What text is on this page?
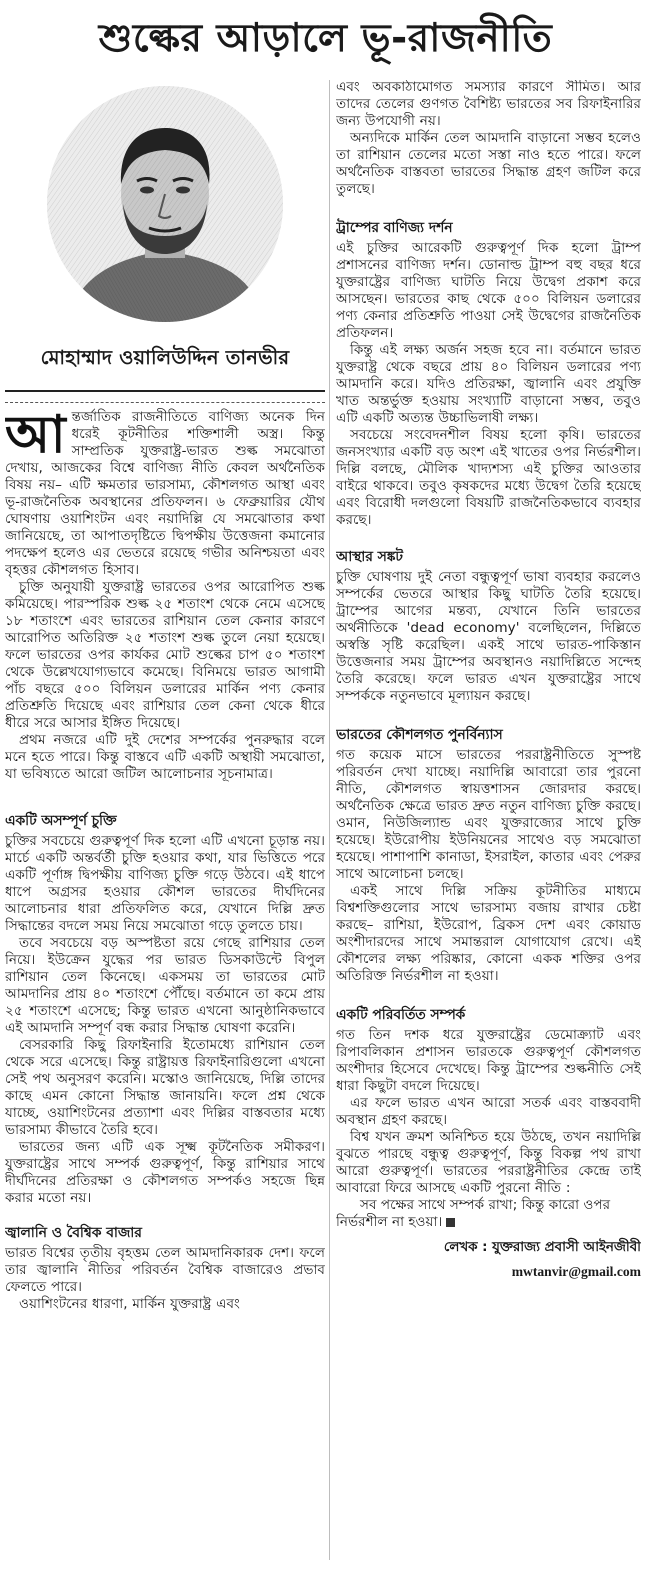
শুল্কের আড়ালে ভূ-রাজনীতি
মোহাম্মাদ ওয়ালিউদ্দিন তানভীর

আন্তর্জাতিক রাজনীতিতে বাণিজ্য অনেক দিন ধরেই কূটনীতির শক্তিশালী অস্ত্র। কিন্তু সাম্প্রতিক যুক্তরাষ্ট্র-ভারত শুল্ক সমঝোতা দেখায়, আজকের বিশ্বে বাণিজ্য নীতি কেবল অর্থনৈতিক বিষয় নয়– এটি ক্ষমতার ভারসাম্য, কৌশলগত আস্থা এবং ভূ-রাজনৈতিক অবস্থানের প্রতিফলন। ৬ ফেব্রুয়ারির যৌথ ঘোষণায় ওয়াশিংটন এবং নয়াদিল্লি যে সমঝোতার কথা জানিয়েছে, তা আপাতদৃষ্টিতে দ্বিপক্ষীয় উত্তেজনা কমানোর পদক্ষেপ হলেও এর ভেতরে রয়েছে গভীর অনিশ্চয়তা এবং বৃহত্তর কৌশলগত হিসাব।

চুক্তি অনুযায়ী যুক্তরাষ্ট্র ভারতের ওপর আরোপিত শুল্ক কমিয়েছে। পারস্পরিক শুল্ক ২৫ শতাংশ থেকে নেমে এসেছে ১৮ শতাংশে এবং ভারতের রাশিয়ান তেল কেনার কারণে আরোপিত অতিরিক্ত ২৫ শতাংশ শুল্ক তুলে নেয়া হয়েছে। ফলে ভারতের ওপর কার্যকর মোট শুল্কের চাপ ৫০ শতাংশ থেকে উল্লেখযোগ্যভাবে কমেছে। বিনিময়ে ভারত আগামী পাঁচ বছরে ৫০০ বিলিয়ন ডলারের মার্কিন পণ্য কেনার প্রতিশ্রুতি দিয়েছে এবং রাশিয়ার তেল কেনা থেকে ধীরে ধীরে সরে আসার ইঙ্গিত দিয়েছে।

প্রথম নজরে এটি দুই দেশের সম্পর্কের পুনরুদ্ধার বলে মনে হতে পারে। কিন্তু বাস্তবে এটি একটি অস্থায়ী সমঝোতা, যা ভবিষ্যতে আরো জটিল আলোচনার সূচনামাত্র।

একটি অসম্পূর্ণ চুক্তি

চুক্তির সবচেয়ে গুরুত্বপূর্ণ দিক হলো এটি এখনো চূড়ান্ত নয়। মার্চে একটি অন্তর্বর্তী চুক্তি হওয়ার কথা, যার ভিত্তিতে পরে একটি পূর্ণাঙ্গ দ্বিপক্ষীয় বাণিজ্য চুক্তি গড়ে উঠবে। এই ধাপে ধাপে অগ্রসর হওয়ার কৌশল ভারতের দীর্ঘদিনের আলোচনার ধারা প্রতিফলিত করে, যেখানে দিল্লি দ্রুত সিদ্ধান্তের বদলে সময় নিয়ে সমঝোতা গড়ে তুলতে চায়।

তবে সবচেয়ে বড় অস্পষ্টতা রয়ে গেছে রাশিয়ার তেল নিয়ে। ইউক্রেন যুদ্ধের পর ভারত ডিসকাউন্টে বিপুল রাশিয়ান তেল কিনেছে। একসময় তা ভারতের মোট আমদানির প্রায় ৪০ শতাংশে পৌঁছে। বর্তমানে তা কমে প্রায় ২৫ শতাংশে এসেছে; কিন্তু ভারত এখনো আনুষ্ঠানিকভাবে এই আমদানি সম্পূর্ণ বন্ধ করার সিদ্ধান্ত ঘোষণা করেনি।

বেসরকারি কিছু রিফাইনারি ইতোমধ্যে রাশিয়ান তেল থেকে সরে এসেছে। কিন্তু রাষ্ট্রায়ত্ত রিফাইনারিগুলো এখনো সেই পথ অনুসরণ করেনি। মস্কোও জানিয়েছে, দিল্লি তাদের কাছে এমন কোনো সিদ্ধান্ত জানায়নি। ফলে প্রশ্ন থেকে যাচ্ছে, ওয়াশিংটনের প্রত্যাশা এবং দিল্লির বাস্তবতার মধ্যে ভারসাম্য কীভাবে তৈরি হবে।

ভারতের জন্য এটি এক সূক্ষ্ম কূটনৈতিক সমীকরণ। যুক্তরাষ্ট্রের সাথে সম্পর্ক গুরুত্বপূর্ণ, কিন্তু রাশিয়ার সাথে দীর্ঘদিনের প্রতিরক্ষা ও কৌশলগত সম্পর্কও সহজে ছিন্ন করার মতো নয়।

জ্বালানি ও বৈশ্বিক বাজার

ভারত বিশ্বের তৃতীয় বৃহত্তম তেল আমদানিকারক দেশ। ফলে তার জ্বালানি নীতির পরিবর্তন বৈশ্বিক বাজারেও প্রভাব ফেলতে পারে।

ওয়াশিংটনের ধারণা, মার্কিন যুক্তরাষ্ট্র এবং

এবং অবকাঠামোগত সমস্যার কারণে সীমিত। আর তাদের তেলের গুণগত বৈশিষ্ট্য ভারতের সব রিফাইনারির জন্য উপযোগী নয়।

অন্যদিকে মার্কিন তেল আমদানি বাড়ানো সম্ভব হলেও তা রাশিয়ান তেলের মতো সস্তা নাও হতে পারে। ফলে অর্থনৈতিক বাস্তবতা ভারতের সিদ্ধান্ত গ্রহণ জটিল করে তুলছে।

ট্রাম্পের বাণিজ্য দর্শন

এই চুক্তির আরেকটি গুরুত্বপূর্ণ দিক হলো ট্রাম্প প্রশাসনের বাণিজ্য দর্শন। ডোনাল্ড ট্রাম্প বহু বছর ধরে যুক্তরাষ্ট্রের বাণিজ্য ঘাটতি নিয়ে উদ্বেগ প্রকাশ করে আসছেন। ভারতের কাছ থেকে ৫০০ বিলিয়ন ডলারের পণ্য কেনার প্রতিশ্রুতি পাওয়া সেই উদ্বেগের রাজনৈতিক প্রতিফলন।

কিন্তু এই লক্ষ্য অর্জন সহজ হবে না। বর্তমানে ভারত যুক্তরাষ্ট্র থেকে বছরে প্রায় ৪০ বিলিয়ন ডলারের পণ্য আমদানি করে। যদিও প্রতিরক্ষা, জ্বালানি এবং প্রযুক্তি খাত অন্তর্ভুক্ত হওয়ায় সংখ্যাটি বাড়ানো সম্ভব, তবুও এটি একটি অত্যন্ত উচ্চাভিলাষী লক্ষ্য।

সবচেয়ে সংবেদনশীল বিষয় হলো কৃষি। ভারতের জনসংখ্যার একটি বড় অংশ এই খাতের ওপর নির্ভরশীল। দিল্লি বলছে, মৌলিক খাদ্যশস্য এই চুক্তির আওতার বাইরে থাকবে। তবুও কৃষকদের মধ্যে উদ্বেগ তৈরি হয়েছে এবং বিরোধী দলগুলো বিষয়টি রাজনৈতিকভাবে ব্যবহার করছে।

আস্থার সঙ্কট

চুক্তি ঘোষণায় দুই নেতা বন্ধুত্বপূর্ণ ভাষা ব্যবহার করলেও সম্পর্কের ভেতরে আস্থার কিছু ঘাটতি তৈরি হয়েছে। ট্রাম্পের আগের মন্তব্য, যেখানে তিনি ভারতের অর্থনীতিকে 'dead economy' বলেছিলেন, দিল্লিতে অস্বস্তি সৃষ্টি করেছিল। একই সাথে ভারত-পাকিস্তান উত্তেজনার সময় ট্রাম্পের অবস্থানও নয়াদিল্লিতে সন্দেহ তৈরি করেছে। ফলে ভারত এখন যুক্তরাষ্ট্রের সাথে সম্পর্ককে নতুনভাবে মূল্যায়ন করছে।

ভারতের কৌশলগত পুনর্বিন্যাস

গত কয়েক মাসে ভারতের পররাষ্ট্রনীতিতে সুস্পষ্ট পরিবর্তন দেখা যাচ্ছে। নয়াদিল্লি আবারো তার পুরনো নীতি, কৌশলগত স্বায়ত্তশাসন জোরদার করছে। অর্থনৈতিক ক্ষেত্রে ভারত দ্রুত নতুন বাণিজ্য চুক্তি করছে। ওমান, নিউজিল্যান্ড এবং যুক্তরাজ্যের সাথে চুক্তি হয়েছে। ইউরোপীয় ইউনিয়নের সাথেও বড় সমঝোতা হয়েছে। পাশাপাশি কানাডা, ইসরাইল, কাতার এবং পেরুর সাথে আলোচনা চলছে।

একই সাথে দিল্লি সক্রিয় কূটনীতির মাধ্যমে বিশ্বশক্তিগুলোর সাথে ভারসাম্য বজায় রাখার চেষ্টা করছে– রাশিয়া, ইউরোপ, ব্রিকস দেশ এবং কোয়াড অংশীদারদের সাথে সমান্তরাল যোগাযোগ রেখে। এই কৌশলের লক্ষ্য পরিষ্কার, কোনো একক শক্তির ওপর অতিরিক্ত নির্ভরশীল না হওয়া।

একটি পরিবর্তিত সম্পর্ক

গত তিন দশক ধরে যুক্তরাষ্ট্রের ডেমোক্র্যাট এবং রিপাবলিকান প্রশাসন ভারতকে গুরুত্বপূর্ণ কৌশলগত অংশীদার হিসেবে দেখেছে। কিন্তু ট্রাম্পের শুল্কনীতি সেই ধারা কিছুটা বদলে দিয়েছে।

এর ফলে ভারত এখন আরো সতর্ক এবং বাস্তববাদী অবস্থান গ্রহণ করছে।

বিশ্ব যখন ক্রমশ অনিশ্চিত হয়ে উঠছে, তখন নয়াদিল্লি বুঝতে পারছে বন্ধুত্ব গুরুত্বপূর্ণ, কিন্তু বিকল্প পথ রাখা আরো গুরুত্বপূর্ণ। ভারতের পররাষ্ট্রনীতির কেন্দ্রে তাই আবারো ফিরে আসছে একটি পুরনো নীতি :

সব পক্ষের সাথে সম্পর্ক রাখা; কিন্তু কারো ওপর নির্ভরশীল না হওয়া।

লেখক : যুক্তরাজ্য প্রবাসী আইনজীবী
mwtanvir@gmail.com
